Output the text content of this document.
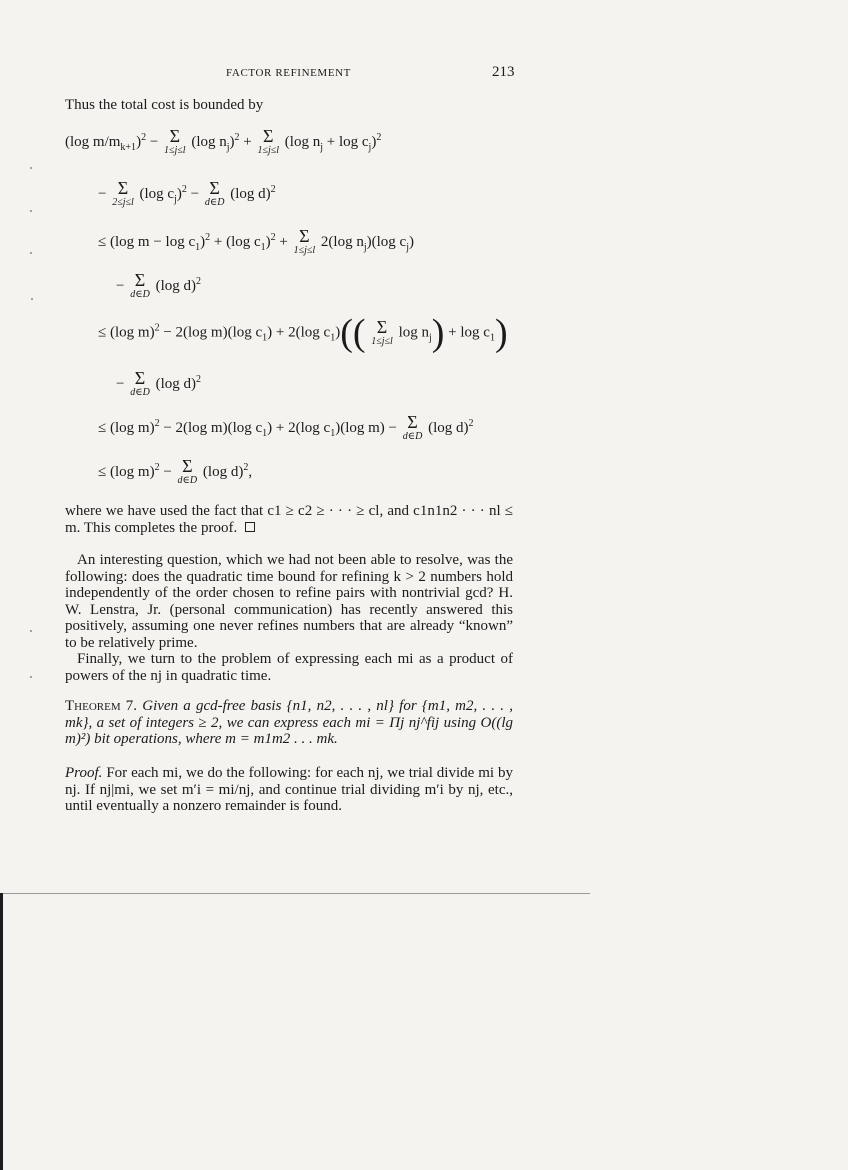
FACTOR REFINEMENT	213
Thus the total cost is bounded by
(log $m/m_{k+1})^2 - \Sigma$
1≤j≤l
(log $n_j)^2 + \Sigma$
1≤j≤l
(log $n_j + \log c_j)^2$
− Σ
2≤j≤l
(log $c_j)^2 - \Sigma$
d∈D
(log d)$^2$
≤ (log $m - \log c_1)^2 + (\log$ $c_1)^2 + \Sigma$
1≤j≤l
2(log $n_j)(\log$ $c_j$)
− Σ
d∈D
(log d)$^2$
≤ (log m)$^2$ − 2(log m)(log $c_1) + 2(\log$ $c_1$)(( Σ
1≤j≤l
$\log n_j) + \log c_1$)
− Σ
d∈D
(log d)$^2$
≤ (log m)$^2$ − 2(log m)(log $c_1) + 2(\log$ $c_1)(\log$ m) − Σ
d∈D
(log d)$^2$
≤ (log m)$^2$ − Σ
d∈D
(log d)$^2$,
where we have used the fact that c1 ≥ c2 ≥ · · · ≥ cl, and c1n1n2 · · · nl ≤ m. This completes the proof.

An interesting question, which we had not been able to resolve, was the following: does the quadratic time bound for refining k > 2 numbers hold independently of the order chosen to refine pairs with nontrivial gcd? H. W. Lenstra, Jr. (personal communication) has recently answered this positively, assuming one never refines numbers that are already “known” to be relatively prime.

Finally, we turn to the problem of expressing each mi as a product of powers of the nj in quadratic time.

Theorem 7. Given a gcd-free basis {n1, n2, . . . , nl} for {m1, m2, . . . , mk}, a set of integers ≥ 2, we can express each mi = Πj nj^fij using O((lg m)²) bit operations, where m = m1m2 . . . mk.
Proof. For each mi, we do the following: for each nj, we trial divide mi by nj. If nj|mi, we set m′i = mi/nj, and continue trial dividing m′i by nj, etc., until eventually a nonzero remainder is found.
